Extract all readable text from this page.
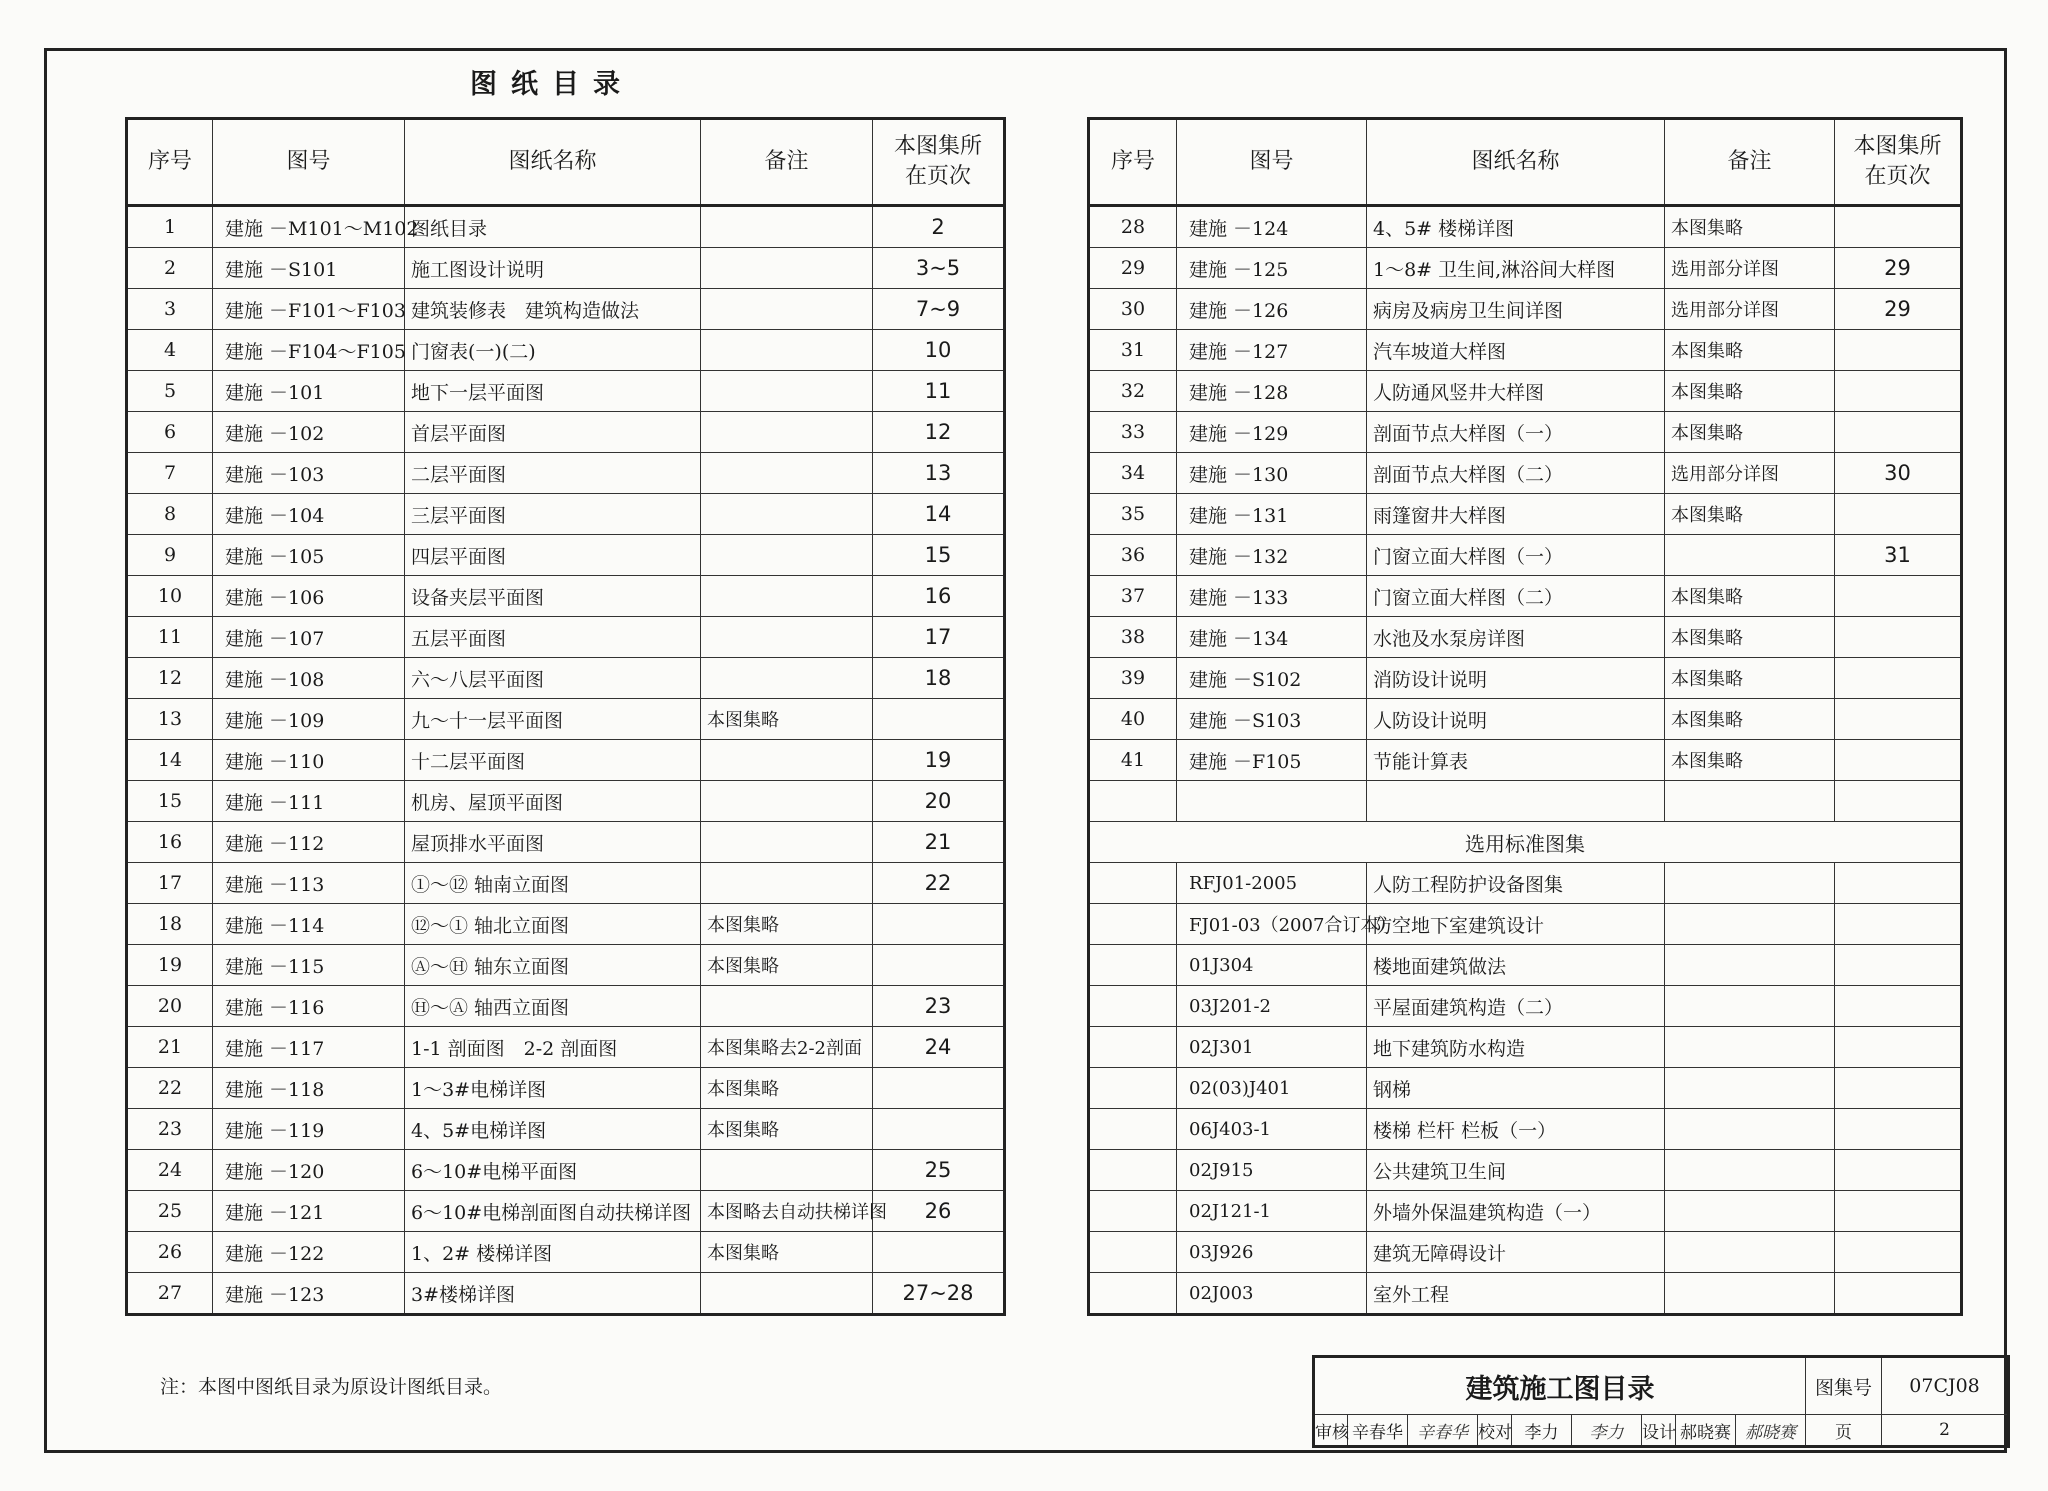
图纸目录
序号	图号	图纸名称	备注	本图集所在页次
1	建施 －M101～M102	图纸目录		2
2	建施 －S101	施工图设计说明		3~5
3	建施 －F101～F103	建筑装修表　建筑构造做法		7~9
4	建施 －F104～F105	门窗表(一)(二)		10
5	建施 －101	地下一层平面图		11
6	建施 －102	首层平面图		12
7	建施 －103	二层平面图		13
8	建施 －104	三层平面图		14
9	建施 －105	四层平面图		15
10	建施 －106	设备夹层平面图		16
11	建施 －107	五层平面图		17
12	建施 －108	六～八层平面图		18
13	建施 －109	九～十一层平面图	本图集略	
14	建施 －110	十二层平面图		19
15	建施 －111	机房、屋顶平面图		20
16	建施 －112	屋顶排水平面图		21
17	建施 －113	①～⑫ 轴南立面图		22
18	建施 －114	⑫～① 轴北立面图	本图集略	
19	建施 －115	Ⓐ～Ⓗ 轴东立面图	本图集略	
20	建施 －116	Ⓗ～Ⓐ 轴西立面图		23
21	建施 －117	1-1 剖面图　2-2 剖面图	本图集略去2-2剖面	24
22	建施 －118	1～3#电梯详图	本图集略	
23	建施 －119	4、5#电梯详图	本图集略	
24	建施 －120	6～10#电梯平面图		25
25	建施 －121	6～10#电梯剖面图自动扶梯详图	本图略去自动扶梯详图	26
26	建施 －122	1、2# 楼梯详图	本图集略	
27	建施 －123	3#楼梯详图		27~28
序号	图号	图纸名称	备注	本图集所在页次
28	建施 －124	4、5# 楼梯详图	本图集略	
29	建施 －125	1～8# 卫生间,淋浴间大样图	选用部分详图	29
30	建施 －126	病房及病房卫生间详图	选用部分详图	29
31	建施 －127	汽车坡道大样图	本图集略	
32	建施 －128	人防通风竖井大样图	本图集略	
33	建施 －129	剖面节点大样图（一）	本图集略	
34	建施 －130	剖面节点大样图（二）	选用部分详图	30
35	建施 －131	雨篷窗井大样图	本图集略	
36	建施 －132	门窗立面大样图（一）		31
37	建施 －133	门窗立面大样图（二）	本图集略	
38	建施 －134	水池及水泵房详图	本图集略	
39	建施 －S102	消防设计说明	本图集略	
40	建施 －S103	人防设计说明	本图集略	
41	建施 －F105	节能计算表	本图集略	

选用标准图集				
	RFJ01-2005	人防工程防护设备图集		
	FJ01-03（2007合订本）	防空地下室建筑设计		
	01J304	楼地面建筑做法		
	03J201-2	平屋面建筑构造（二）		
	02J301	地下建筑防水构造		
	02(03)J401	钢梯		
	06J403-1	楼梯 栏杆 栏板（一）		
	02J915	公共建筑卫生间		
	02J121-1	外墙外保温建筑构造（一）		
	03J926	建筑无障碍设计		
	02J003	室外工程		
注：本图中图纸目录为原设计图纸目录。	建筑施工图目录									图集号	07CJ08
审核	辛春华	辛春华	校对	李力	李力	设计	郝晓赛	郝晓赛	页	2
